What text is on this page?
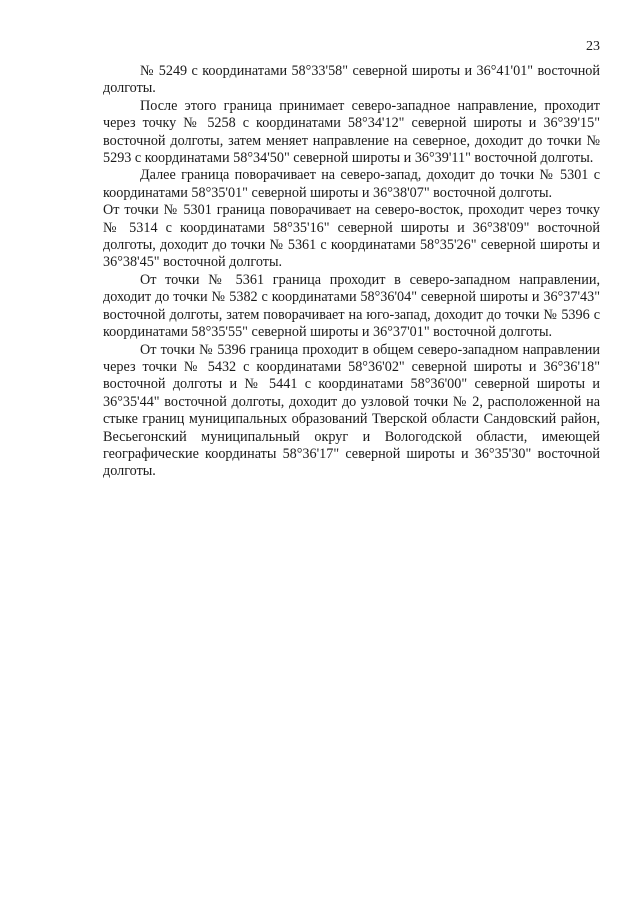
23

№ 5249 с координатами 58°33'58" северной широты и 36°41'01" восточной долготы.

После этого граница принимает северо-западное направление, проходит через точку № 5258 с координатами 58°34'12" северной широты и 36°39'15" восточной долготы, затем меняет направление на северное, доходит до точки № 5293 с координатами 58°34'50" северной широты и 36°39'11" восточной долготы.

Далее граница поворачивает на северо-запад, доходит до точки № 5301 с координатами 58°35'01" северной широты и 36°38'07" восточной долготы.

От точки № 5301 граница поворачивает на северо-восток, проходит через точку № 5314 с координатами 58°35'16" северной широты и 36°38'09" восточной долготы, доходит до точки № 5361 с координатами 58°35'26" северной широты и 36°38'45" восточной долготы.

От точки № 5361 граница проходит в северо-западном направлении, доходит до точки № 5382 с координатами 58°36'04" северной широты и 36°37'43" восточной долготы, затем поворачивает на юго-запад, доходит до точки № 5396 с координатами 58°35'55" северной широты и 36°37'01" восточной долготы.

От точки № 5396 граница проходит в общем северо-западном направлении через точки № 5432 с координатами 58°36'02" северной широты и 36°36'18" восточной долготы и № 5441 с координатами 58°36'00" северной широты и 36°35'44" восточной долготы, доходит до узловой точки № 2, расположенной на стыке границ муниципальных образований Тверской области Сандовский район, Весьегонский муниципальный округ и Вологодской области, имеющей географические координаты 58°36'17" северной широты и 36°35'30" восточной долготы.
